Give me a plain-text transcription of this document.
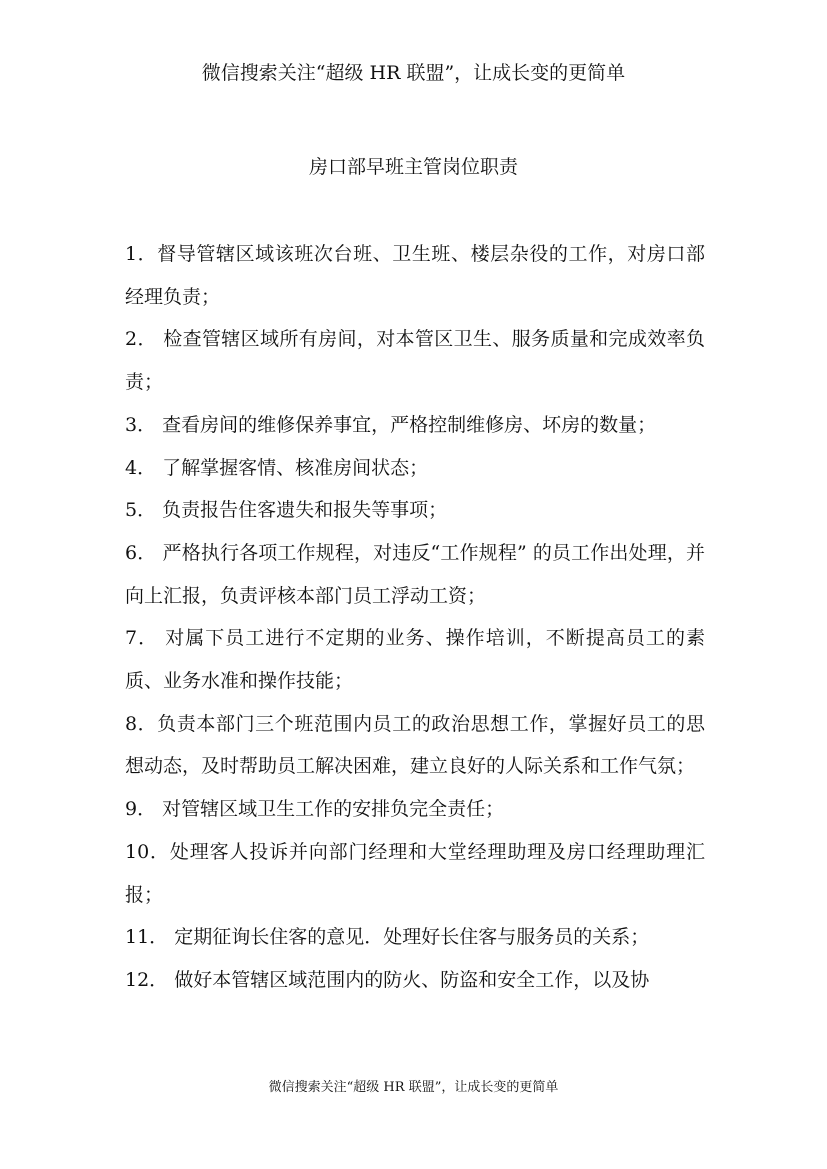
微信搜索关注“超级 HR 联盟”，让成长变的更简单
房口部早班主管岗位职责

1．督导管辖区域该班次台班、卫生班、楼层杂役的工作，对房口部经理负责；

2． 检查管辖区域所有房间，对本管区卫生、服务质量和完成效率负责；

3． 查看房间的维修保养事宜，严格控制维修房、坏房的数量；

4． 了解掌握客情、核准房间状态；

5． 负责报告住客遗失和报失等事项；

6． 严格执行各项工作规程，对违反“工作规程” 的员工作出处理，并向上汇报，负责评核本部门员工浮动工资；

7． 对属下员工进行不定期的业务、操作培训，不断提高员工的素质、业务水准和操作技能；

8．负责本部门三个班范围内员工的政治思想工作，掌握好员工的思想动态，及时帮助员工解决困难，建立良好的人际关系和工作气氛；

9． 对管辖区域卫生工作的安排负完全责任；

10．处理客人投诉并向部门经理和大堂经理助理及房口经理助理汇报；

11． 定期征询长住客的意见．处理好长住客与服务员的关系；

12． 做好本管辖区域范围内的防火、防盗和安全工作，以及协

微信搜索关注“超级 HR 联盟”，让成长变的更简单
